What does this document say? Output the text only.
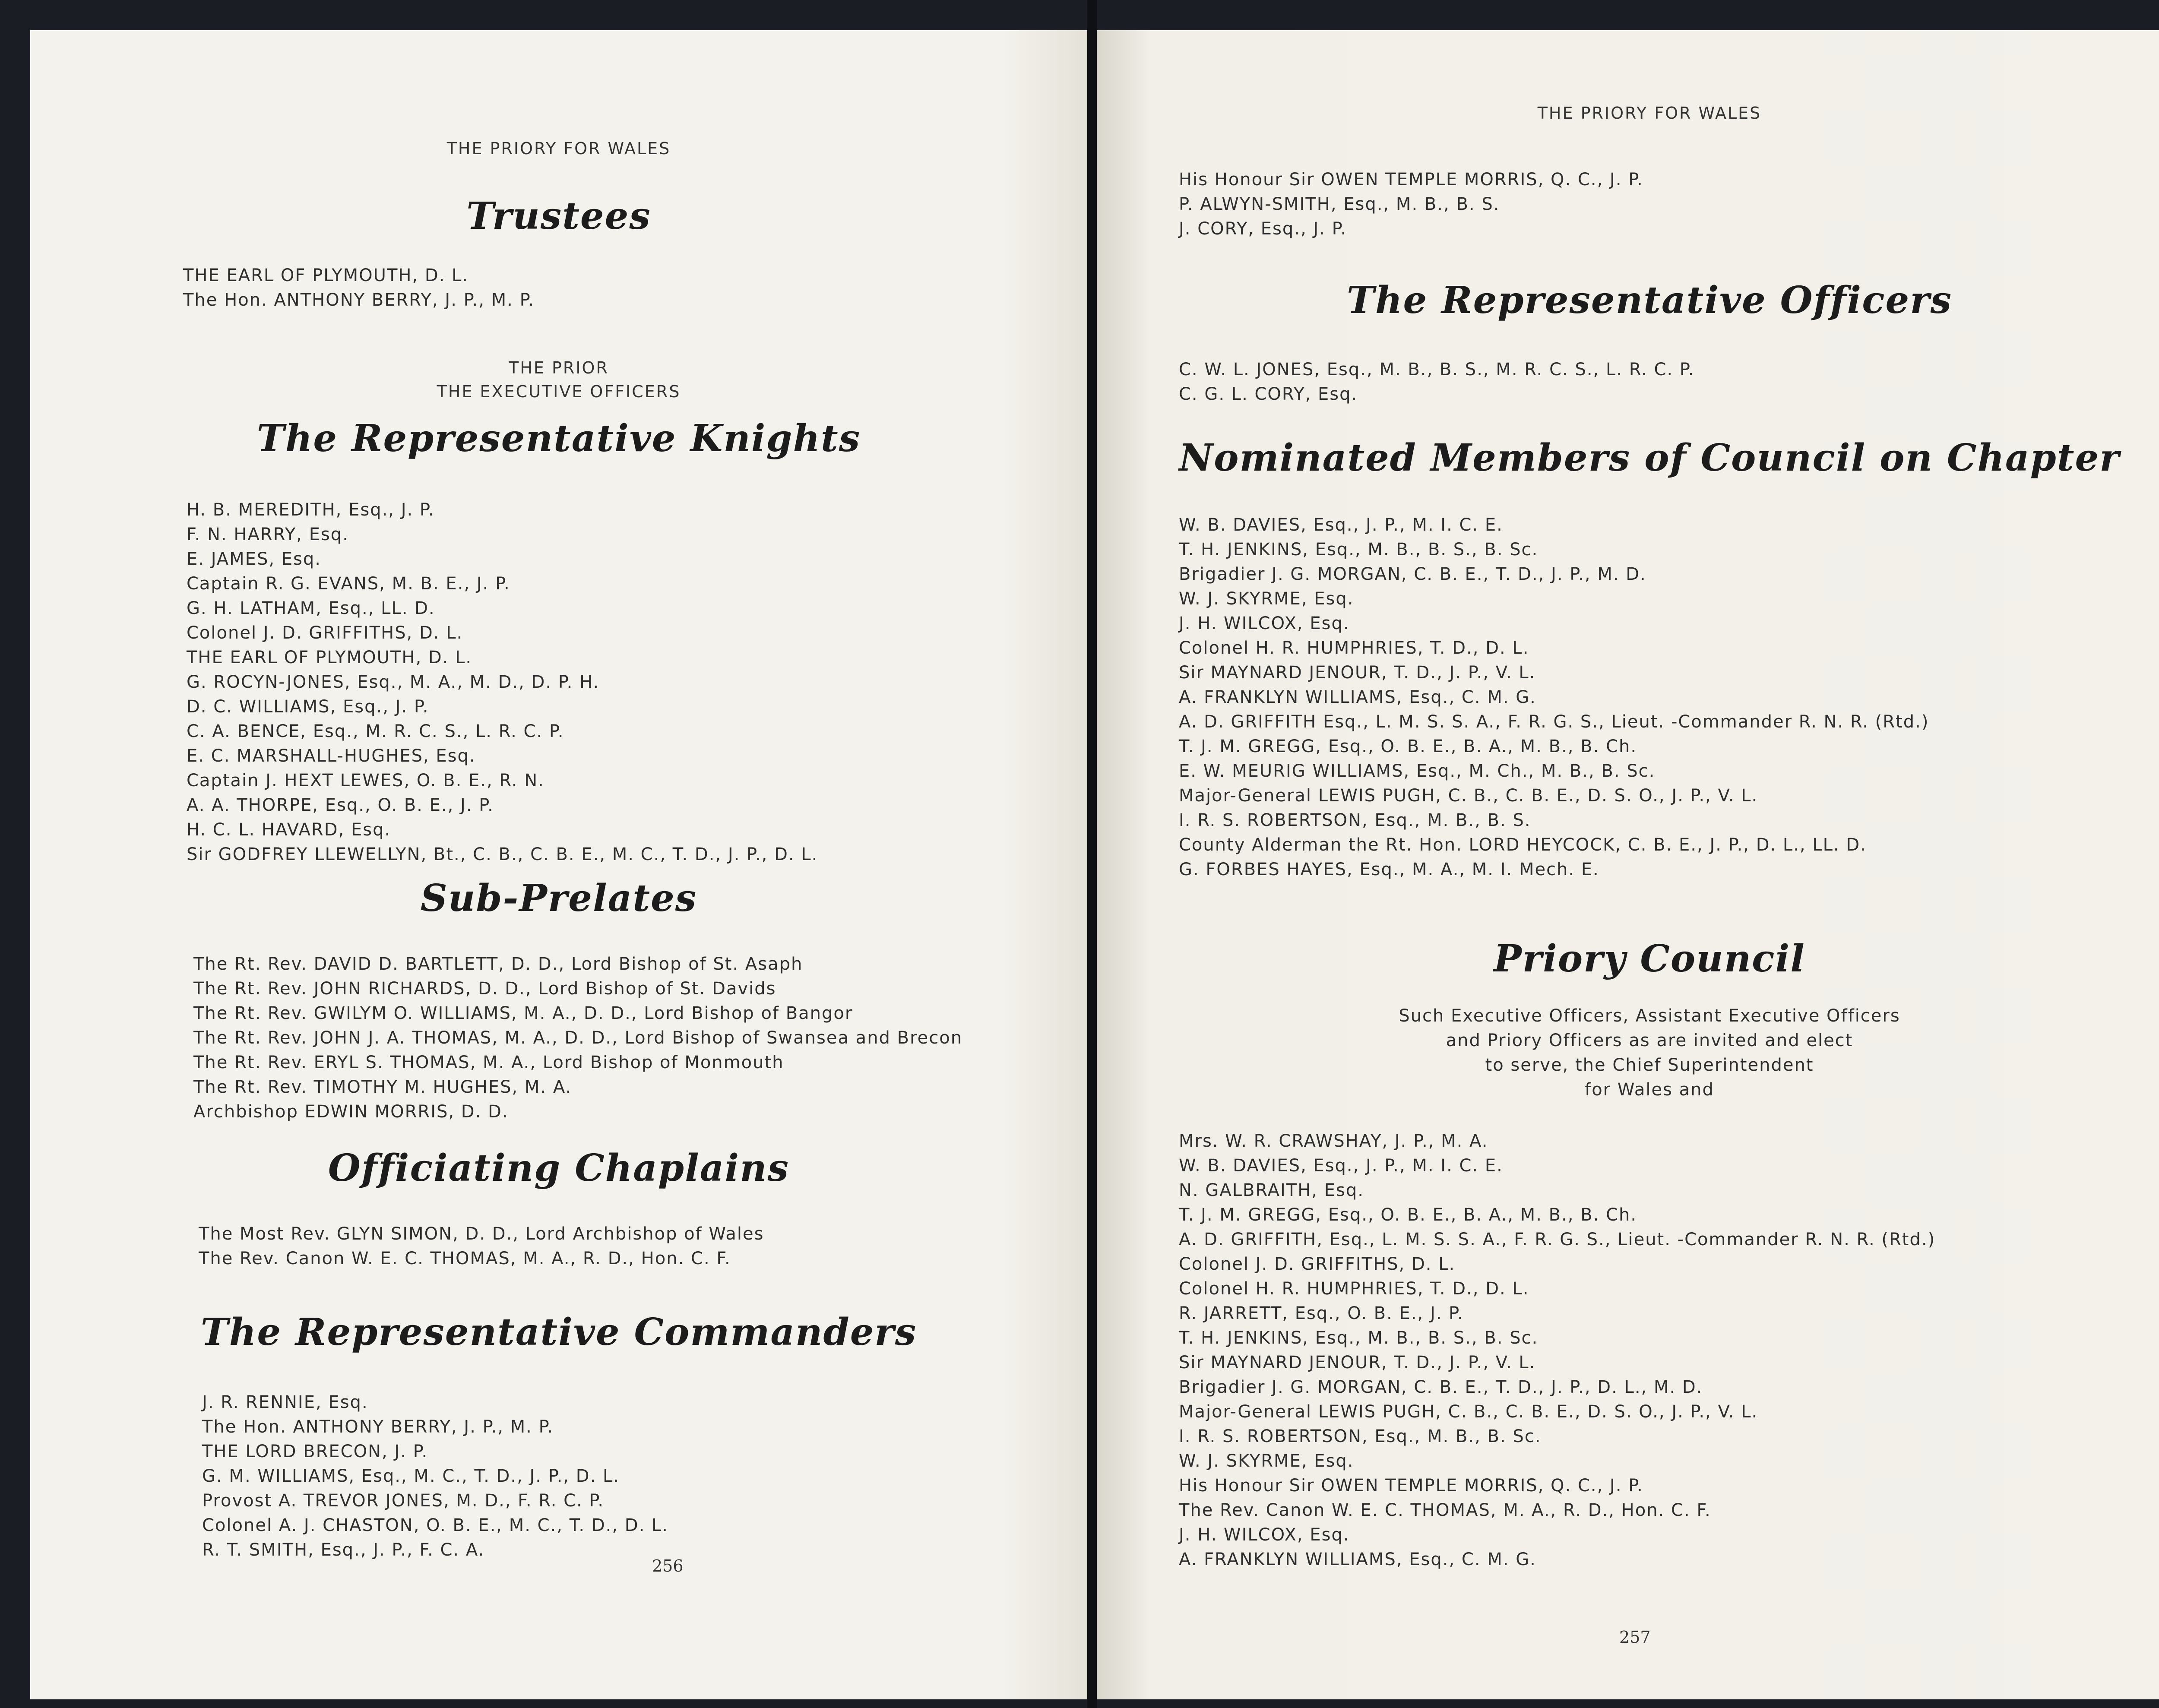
THE PRIORY FOR WALES
Trustees
THE EARL OF PLYMOUTH, D. L.
The Hon. ANTHONY BERRY, J. P., M. P.
THE PRIOR
THE EXECUTIVE OFFICERS
The Representative Knights
H. B. MEREDITH, Esq., J. P.
F. N. HARRY, Esq.
E. JAMES, Esq.
Captain R. G. EVANS, M. B. E., J. P.
G. H. LATHAM, Esq., LL. D.
Colonel J. D. GRIFFITHS, D. L.
THE EARL OF PLYMOUTH, D. L.
G. ROCYN-JONES, Esq., M. A., M. D., D. P. H.
D. C. WILLIAMS, Esq., J. P.
C. A. BENCE, Esq., M. R. C. S., L. R. C. P.
E. C. MARSHALL-HUGHES, Esq.
Captain J. HEXT LEWES, O. B. E., R. N.
A. A. THORPE, Esq., O. B. E., J. P.
H. C. L. HAVARD, Esq.
Sir GODFREY LLEWELLYN, Bt., C. B., C. B. E., M. C., T. D., J. P., D. L.
Sub-Prelates
The Rt. Rev. DAVID D. BARTLETT, D. D., Lord Bishop of St. Asaph
The Rt. Rev. JOHN RICHARDS, D. D., Lord Bishop of St. Davids
The Rt. Rev. GWILYM O. WILLIAMS, M. A., D. D., Lord Bishop of Bangor
The Rt. Rev. JOHN J. A. THOMAS, M. A., D. D., Lord Bishop of Swansea and Brecon
The Rt. Rev. ERYL S. THOMAS, M. A., Lord Bishop of Monmouth
The Rt. Rev. TIMOTHY M. HUGHES, M. A.
Archbishop EDWIN MORRIS, D. D.
Officiating Chaplains
The Most Rev. GLYN SIMON, D. D., Lord Archbishop of Wales
The Rev. Canon W. E. C. THOMAS, M. A., R. D., Hon. C. F.
The Representative Commanders
J. R. RENNIE, Esq.
The Hon. ANTHONY BERRY, J. P., M. P.
THE LORD BRECON, J. P.
G. M. WILLIAMS, Esq., M. C., T. D., J. P., D. L.
Provost A. TREVOR JONES, M. D., F. R. C. P.
Colonel A. J. CHASTON, O. B. E., M. C., T. D., D. L.
R. T. SMITH, Esq., J. P., F. C. A.
256
THE PRIORY FOR WALES
His Honour Sir OWEN TEMPLE MORRIS, Q. C., J. P.
P. ALWYN-SMITH, Esq., M. B., B. S.
J. CORY, Esq., J. P.
The Representative Officers
C. W. L. JONES, Esq., M. B., B. S., M. R. C. S., L. R. C. P.
C. G. L. CORY, Esq.
Nominated Members of Council on Chapter
W. B. DAVIES, Esq., J. P., M. I. C. E.
T. H. JENKINS, Esq., M. B., B. S., B. Sc.
Brigadier J. G. MORGAN, C. B. E., T. D., J. P., M. D.
W. J. SKYRME, Esq.
J. H. WILCOX, Esq.
Colonel H. R. HUMPHRIES, T. D., D. L.
Sir MAYNARD JENOUR, T. D., J. P., V. L.
A. FRANKLYN WILLIAMS, Esq., C. M. G.
A. D. GRIFFITH Esq., L. M. S. S. A., F. R. G. S., Lieut. -Commander R. N. R. (Rtd.)
T. J. M. GREGG, Esq., O. B. E., B. A., M. B., B. Ch.
E. W. MEURIG WILLIAMS, Esq., M. Ch., M. B., B. Sc.
Major-General LEWIS PUGH, C. B., C. B. E., D. S. O., J. P., V. L.
I. R. S. ROBERTSON, Esq., M. B., B. S.
County Alderman the Rt. Hon. LORD HEYCOCK, C. B. E., J. P., D. L., LL. D.
G. FORBES HAYES, Esq., M. A., M. I. Mech. E.
Priory Council
Such Executive Officers, Assistant Executive Officers
and Priory Officers as are invited and elect
to serve, the Chief Superintendent
for Wales and
Mrs. W. R. CRAWSHAY, J. P., M. A.
W. B. DAVIES, Esq., J. P., M. I. C. E.
N. GALBRAITH, Esq.
T. J. M. GREGG, Esq., O. B. E., B. A., M. B., B. Ch.
A. D. GRIFFITH, Esq., L. M. S. S. A., F. R. G. S., Lieut. -Commander R. N. R. (Rtd.)
Colonel J. D. GRIFFITHS, D. L.
Colonel H. R. HUMPHRIES, T. D., D. L.
R. JARRETT, Esq., O. B. E., J. P.
T. H. JENKINS, Esq., M. B., B. S., B. Sc.
Sir MAYNARD JENOUR, T. D., J. P., V. L.
Brigadier J. G. MORGAN, C. B. E., T. D., J. P., D. L., M. D.
Major-General LEWIS PUGH, C. B., C. B. E., D. S. O., J. P., V. L.
I. R. S. ROBERTSON, Esq., M. B., B. Sc.
W. J. SKYRME, Esq.
His Honour Sir OWEN TEMPLE MORRIS, Q. C., J. P.
The Rev. Canon W. E. C. THOMAS, M. A., R. D., Hon. C. F.
J. H. WILCOX, Esq.
A. FRANKLYN WILLIAMS, Esq., C. M. G.
257
